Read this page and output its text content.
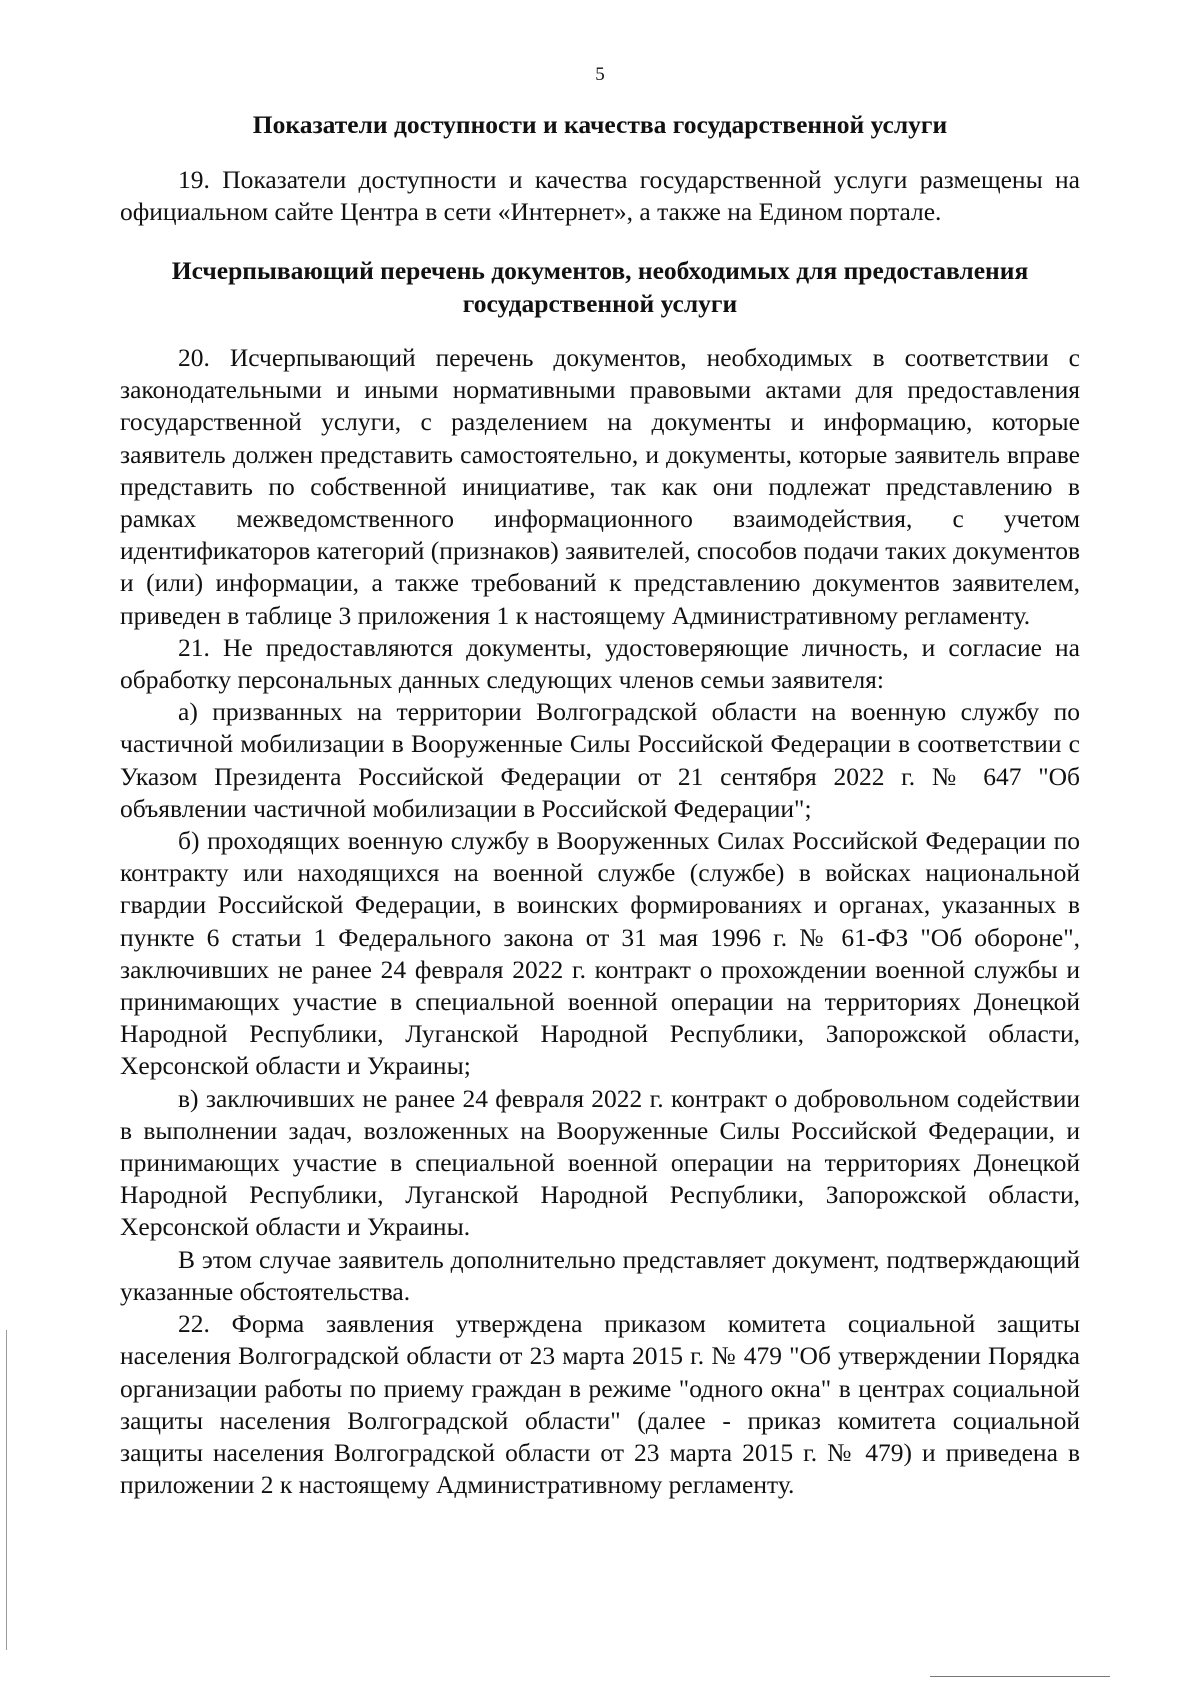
5
Показатели доступности и качества государственной услуги

19. Показатели доступности и качества государственной услуги размещены на официальном сайте Центра в сети «Интернет», а также на Едином портале.

Исчерпывающий перечень документов, необходимых для предоставления государственной услуги

20. Исчерпывающий перечень документов, необходимых в соответствии с законодательными и иными нормативными правовыми актами для предоставления государственной услуги, с разделением на документы и информацию, которые заявитель должен представить самостоятельно, и документы, которые заявитель вправе представить по собственной инициативе, так как они подлежат представлению в рамках межведомственного информационного взаимодействия, с учетом идентификаторов категорий (признаков) заявителей, способов подачи таких документов и (или) информации, а также требований к представлению документов заявителем, приведен в таблице 3 приложения 1 к настоящему Административному регламенту.

21. Не предоставляются документы, удостоверяющие личность, и согласие на обработку персональных данных следующих членов семьи заявителя:

а) призванных на территории Волгоградской области на военную службу по частичной мобилизации в Вооруженные Силы Российской Федерации в соответствии с Указом Президента Российской Федерации от 21 сентября 2022 г. № 647 "Об объявлении частичной мобилизации в Российской Федерации";

б) проходящих военную службу в Вооруженных Силах Российской Федерации по контракту или находящихся на военной службе (службе) в войсках национальной гвардии Российской Федерации, в воинских формированиях и органах, указанных в пункте 6 статьи 1 Федерального закона от 31 мая 1996 г. № 61-ФЗ "Об обороне", заключивших не ранее 24 февраля 2022 г. контракт о прохождении военной службы и принимающих участие в специальной военной операции на территориях Донецкой Народной Республики, Луганской Народной Республики, Запорожской области, Херсонской области и Украины;

в) заключивших не ранее 24 февраля 2022 г. контракт о добровольном содействии в выполнении задач, возложенных на Вооруженные Силы Российской Федерации, и принимающих участие в специальной военной операции на территориях Донецкой Народной Республики, Луганской Народной Республики, Запорожской области, Херсонской области и Украины.

В этом случае заявитель дополнительно представляет документ, подтверждающий указанные обстоятельства.

22. Форма заявления утверждена приказом комитета социальной защиты населения Волгоградской области от 23 марта 2015 г. № 479 "Об утверждении Порядка организации работы по приему граждан в режиме "одного окна" в центрах социальной защиты населения Волгоградской области" (далее - приказ комитета социальной защиты населения Волгоградской области от 23 марта 2015 г. № 479) и приведена в приложении 2 к настоящему Административному регламенту.
